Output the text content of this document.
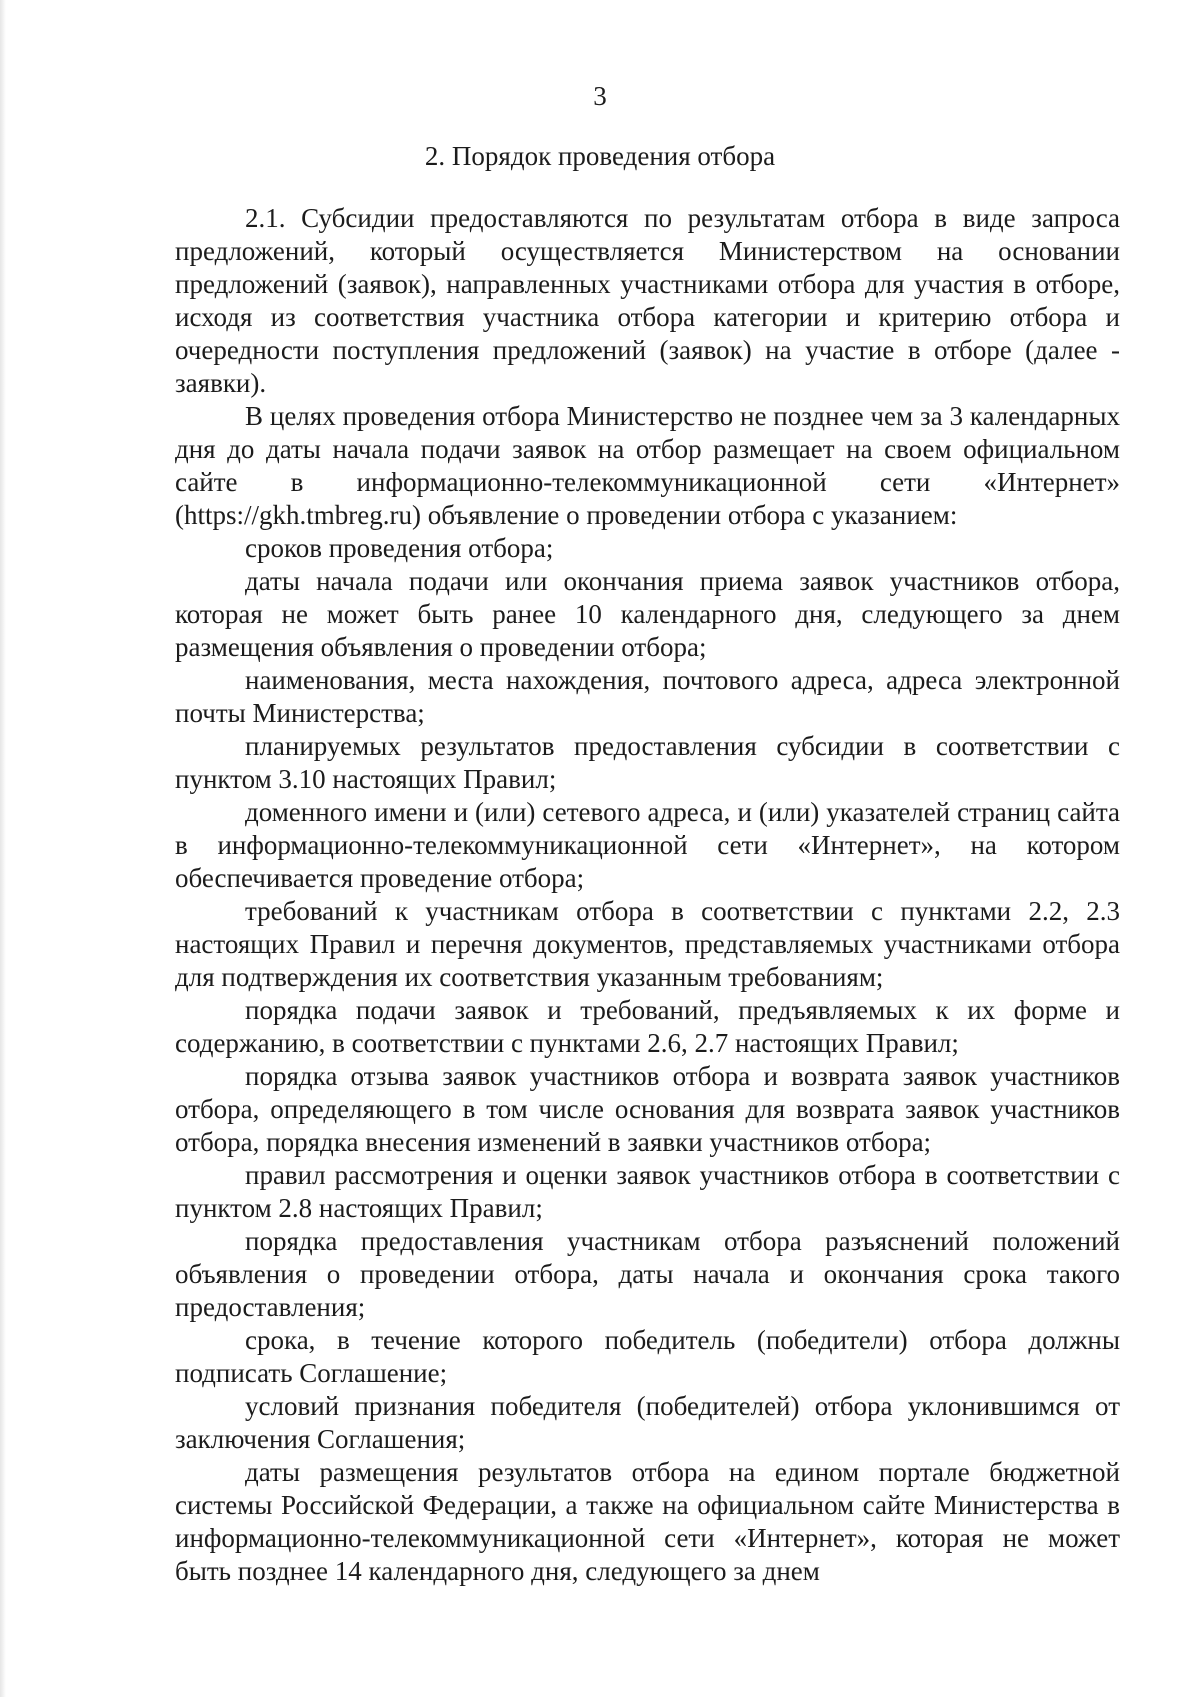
3
2. Порядок проведения отбора

2.1. Субсидии предоставляются по результатам отбора в виде запроса предложений, который осуществляется Министерством на основании предложений (заявок), направленных участниками отбора для участия в отборе, исходя из соответствия участника отбора категории и критерию отбора и очередности поступления предложений (заявок) на участие в отборе (далее - заявки).

В целях проведения отбора Министерство не позднее чем за 3 календарных дня до даты начала подачи заявок на отбор размещает на своем официальном сайте в информационно-телекоммуникационной сети «Интернет» (https://gkh.tmbreg.ru) объявление о проведении отбора с указанием:

сроков проведения отбора;

даты начала подачи или окончания приема заявок участников отбора, которая не может быть ранее 10 календарного дня, следующего за днем размещения объявления о проведении отбора;

наименования, места нахождения, почтового адреса, адреса электронной почты Министерства;

планируемых результатов предоставления субсидии в соответствии с пунктом 3.10 настоящих Правил;

доменного имени и (или) сетевого адреса, и (или) указателей страниц сайта в информационно-телекоммуникационной сети «Интернет», на котором обеспечивается проведение отбора;

требований к участникам отбора в соответствии с пунктами 2.2, 2.3 настоящих Правил и перечня документов, представляемых участниками отбора для подтверждения их соответствия указанным требованиям;

порядка подачи заявок и требований, предъявляемых к их форме и содержанию, в соответствии с пунктами 2.6, 2.7 настоящих Правил;

порядка отзыва заявок участников отбора и возврата заявок участников отбора, определяющего в том числе основания для возврата заявок участников отбора, порядка внесения изменений в заявки участников отбора;

правил рассмотрения и оценки заявок участников отбора в соответствии с пунктом 2.8 настоящих Правил;

порядка предоставления участникам отбора разъяснений положений объявления о проведении отбора, даты начала и окончания срока такого предоставления;

срока, в течение которого победитель (победители) отбора должны подписать Соглашение;

условий признания победителя (победителей) отбора уклонившимся от заключения Соглашения;

даты размещения результатов отбора на едином портале бюджетной системы Российской Федерации, а также на официальном сайте Министерства в информационно-телекоммуникационной сети «Интернет», которая не может быть позднее 14 календарного дня, следующего за днем
